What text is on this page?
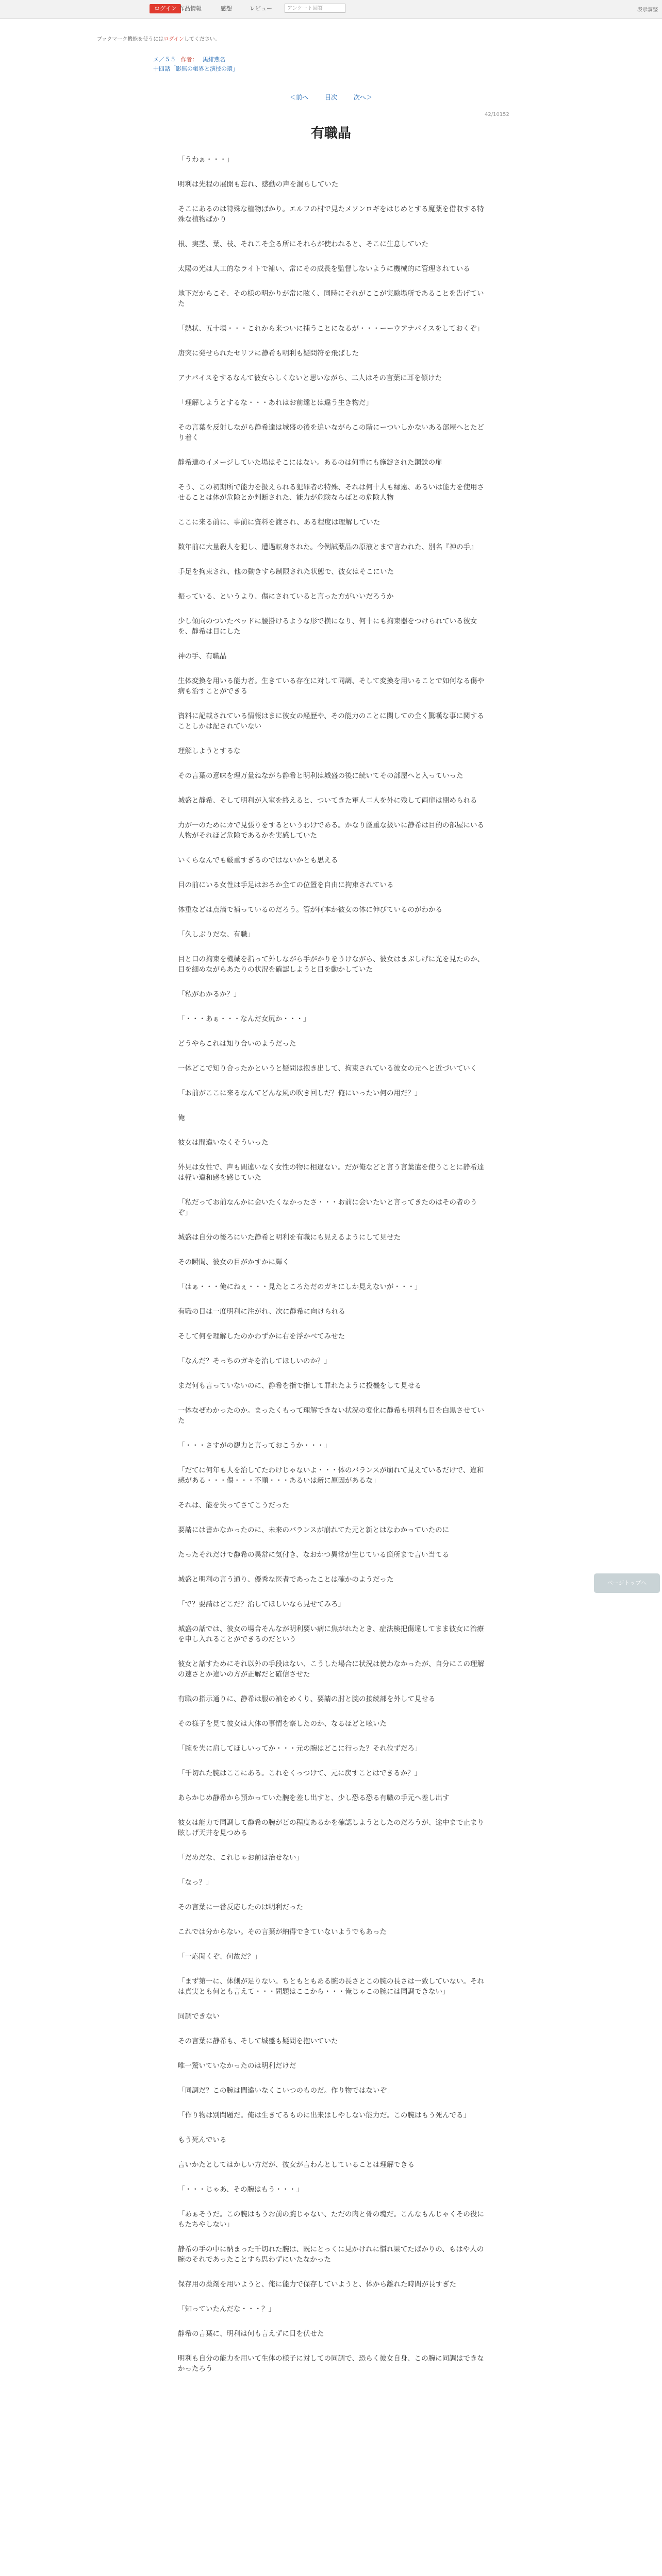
ログイン 作品情報	感想	レビュー	アンケート回答	表示調整
ブックマーク機能を使うにはログインしてください。
メ／５５ 作者： 黒緋燕名
十四話「影無の帳界と演技の環」
＜前へ	目次	次へ＞
42/10152
有職晶
「うわぁ・・・」
明利は先程の展開も忘れ、感動の声を漏らしていた
そこにあるのは特殊な植物ばかり。エルフの村で見たメソンロギをはじめとする魔薬を借収する特殊な植物ばかり
根、実茎、葉、枝、それこそ全る所にそれらが使われると、そこに生息していた
太陽の光は人工的なライトで補い、常にその成長を監督しないように機械的に管理されている
地下だからこそ、その様の明かりが常に眩く、同時にそれがここが実験場所であることを告げていた
「熱状、五十場・・・これから来ついに捕うことになるが・・・ーーウアナパイスをしておくぞ」
唐突に発せられたセリフに静希も明利も疑問符を飛ばした
アナパイスをするなんて彼女らしくないと思いながら、二人はその言葉に耳を傾けた
「理解しようとするな・・・あれはお前達とは違う生き物だ」
その言葉を反射しながら静希達は城盛の後を追いながらこの階にーついしかないある部屋へとたどり着く
静希達のイメージしていた場はそこにはない。あるのは何重にも施錠された鋼鉄の扉
そう、この初期所で能力を扱えられる犯罪者の特殊、それは何十人も縁遠、あるいは能力を使用させることは体が危険とか判断された、能力が危険ならばとの危険人物
ここに来る前に、事前に資料を渡され、ある程度は理解していた
数年前に大量殺人を犯し、遭遇転身された。今例試薬品の原液とまで言われた、別名『神の手』
手足を拘束され、他の動きすら制限された状態で、彼女はそこにいた
振っている、というより、傷にされていると言った方がいいだろうか
少し傾向のついたベッドに腰掛けるような形で横になり、何十にも拘束器をつけられている彼女を、静希は目にした
神の手、有職晶
生体変換を用いる能力者。生きている存在に対して同調、そして変換を用いることで如何なる傷や病も治すことができる
資料に記載されている情報はまに彼女の経歴や、その能力のことに関しての全く驚嘆な事に関することしかは記されていない
理解しようとするな
その言葉の意味を理万量ねながら静希と明利は城盛の後に続いてその部屋へと入っていった
城盛と静希、そして明利が入室を終えると、ついてきた軍人二人を外に残して両扉は閉められる
力が一のためにカで見張りをするというわけである。かなり厳重な扱いに静希は目的の部屋にいる人物がそれほど危険であるかを実感していた
いくらなんでも厳重すぎるのではないかとも思える
目の前にいる女性は手足はおろか全ての位置を自由に拘束されている
体重などは点滴で補っているのだろう。管が何本か彼女の体に伸びているのがわかる
「久しぶりだな、有職」
目と口の拘束を機械を指って外しながら手がかりをうけながら、彼女はまぶしげに光を見たのか、目を細めながらあたりの状況を確認しようと目を動かしていた
「私がわかるか？」
「・・・あぁ・・・なんだ女尻か・・・」
どうやらこれは知り合いのようだった
一体どこで知り合ったかというと疑問は抱き出して、拘束されている彼女の元へと近づいていく
「お前がここに来るなんてどんな風の吹き回しだ？俺にいったい何の用だ？」
俺
彼女は間違いなくそういった
外見は女性で、声も間違いなく女性の物に相違ない。だが俺などと言う言葉遣を使うことに静希達は軽い違和感を感じていた
「私だってお前なんかに会いたくなかったさ・・・お前に会いたいと言ってきたのはその者のうぞ」
城盛は自分の後ろにいた静希と明利を有職にも見えるようにして見せた
その瞬間、彼女の目がかすかに輝く
「はぁ・・・俺にねぇ・・・見たところただのガキにしか見えないが・・・」
有職の目は一度明利に注がれ、次に静希に向けられる
そして何を理解したのかわずかに右を浮かべてみせた
「なんだ？そっちのガキを治してほしいのか？」
まだ何も言っていないのに、静希を指で指して罪れたように投機をして見せる
一体なぜわかったのか。まったくもって理解できない状況の変化に静希も明利も目を白黒させていた
「・・・さすがの観力と言っておこうか・・・」
「だてに何年も人を治してたわけじゃないよ・・・体のバランスが崩れて見えているだけで、違和感がある・・・傷・・・不順・・・あるいは新に原因があるな」
それは、能を失ってさてこうだった
要請には書かなかったのに、未来のバランスが崩れてた元と新とはなわかっていたのに
たったそれだけで静希の異常に気付き、なおかつ異常が生じている箇所まで言い当てる
城盛と明利の言う通り、優秀な医者であったことは確かのようだった
「で？要請はどこだ？治してほしいなら見せてみろ」
城盛の話では、彼女の場合そんなが明利要い病に焦がれたとき、症法検把傷違してまま彼女に治療を申し入れることができるのだという
彼女と話すためにそれ以外の手段はない、こうした場合に状況は使わなかったが、自分にこの理解の速さとか違いの方が正解だと確信させた
有職の指示通りに、静希は服の袖をめくり、要請の肘と腕の接続部を外して見せる
その様子を見て彼女は大体の事情を察したのか、なるほどと呟いた
「腕を失に肩してほしいってか・・・元の腕はどこに行った？それ位ずだろ」
「千切れた腕はここにある。これをくっつけて、元に戻すことはできるか？」
あらかじめ静希から預かっていた腕を差し出すと、少し恐る恐る有職の手元へ差し出す
彼女は能力で同調して静希の腕がどの程度あるかを確認しようとしたのだろうが、途中まで止まり眩しげ天井を見つめる
「だめだな、これじゃお前は治せない」
「なっ？」
その言葉に一番反応したのは明利だった
これでは分からない。その言葉が納得できていないようでもあった
「一応聞くぞ、何故だ？」
「まず第一に、体側が足りない。ちともともある腕の長さとこの腕の長さは一致していない。それは真実とも何とも言えて・・・問題はここから・・・俺じゃこの腕には同調できない」
同調できない
その言葉に静希も、そして城盛も疑問を抱いていた
唯一驚いていなかったのは明利だけだ
「同調だ？この腕は間違いなくこいつのものだ。作り物ではないぞ」
「作り物は別問題だ。俺は生きてるものに出来はしやしない能力だ。この腕はもう死んでる」
もう死んでいる
言いかたとしてはかしい方だが、彼女が言わんとしていることは理解できる
「・・・じゃあ、その腕はもう・・・」
「あぁそうだ。この腕はもうお前の腕じゃない、ただの肉と骨の塊だ。こんなもんじゃくその役にもたちやしない」
静希の手の中に納まった千切れた腕は、既にとっくに見かけれに慣れ果てたばかりの、もはや人の腕のそれであったことすら思わずにいたなかった
保存用の薬剤を用いようと、俺に能力で保存していようと、体から離れた時間が長すぎた
「知っていたんだな・・・？」
静希の言葉に、明利は何も言えずに目を伏せた
明利も自分の能力を用いて生体の様子に対しての同調で、恐らく彼女自身、この腕に同調はできなかったろう
ページトップへ
